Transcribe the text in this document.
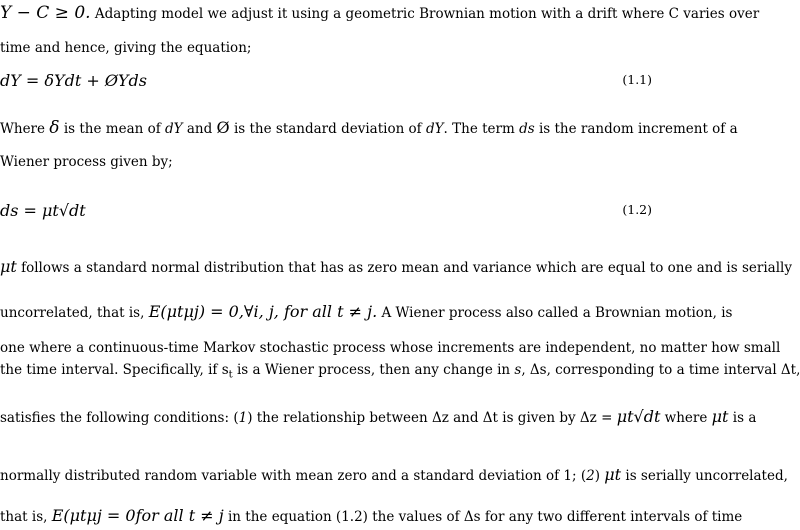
Y − C ≥ 0. Adapting model we adjust it using a geometric Brownian motion with a drift where C varies over
time and hence, giving the equation;
dY = δYdt + ØYds	(1.1)
Where δ is the mean of dY and Ø is the standard deviation of dY. The term ds is the random increment of a
Wiener process given by;
ds = μt√dt	(1.2)
μt follows a standard normal distribution that has as zero mean and variance which are equal to one and is serially
uncorrelated, that is, E(μtμj) = 0,∀i, j, for all t ≠ j. A Wiener process also called a Brownian motion, is
one where a continuous-time Markov stochastic process whose increments are independent, no matter how small
the time interval. Specifically, if $s_t$ is a Wiener process, then any change in s, Δs, corresponding to a time interval Δt,
satisfies the following conditions: (1) the relationship between Δz and Δt is given by Δz = μt√dt where μt is a
normally distributed random variable with mean zero and a standard deviation of 1; (2) μt is serially uncorrelated,
that is, E(μtμj = 0for all t ≠ j in the equation (1.2) the values of Δs for any two different intervals of time
